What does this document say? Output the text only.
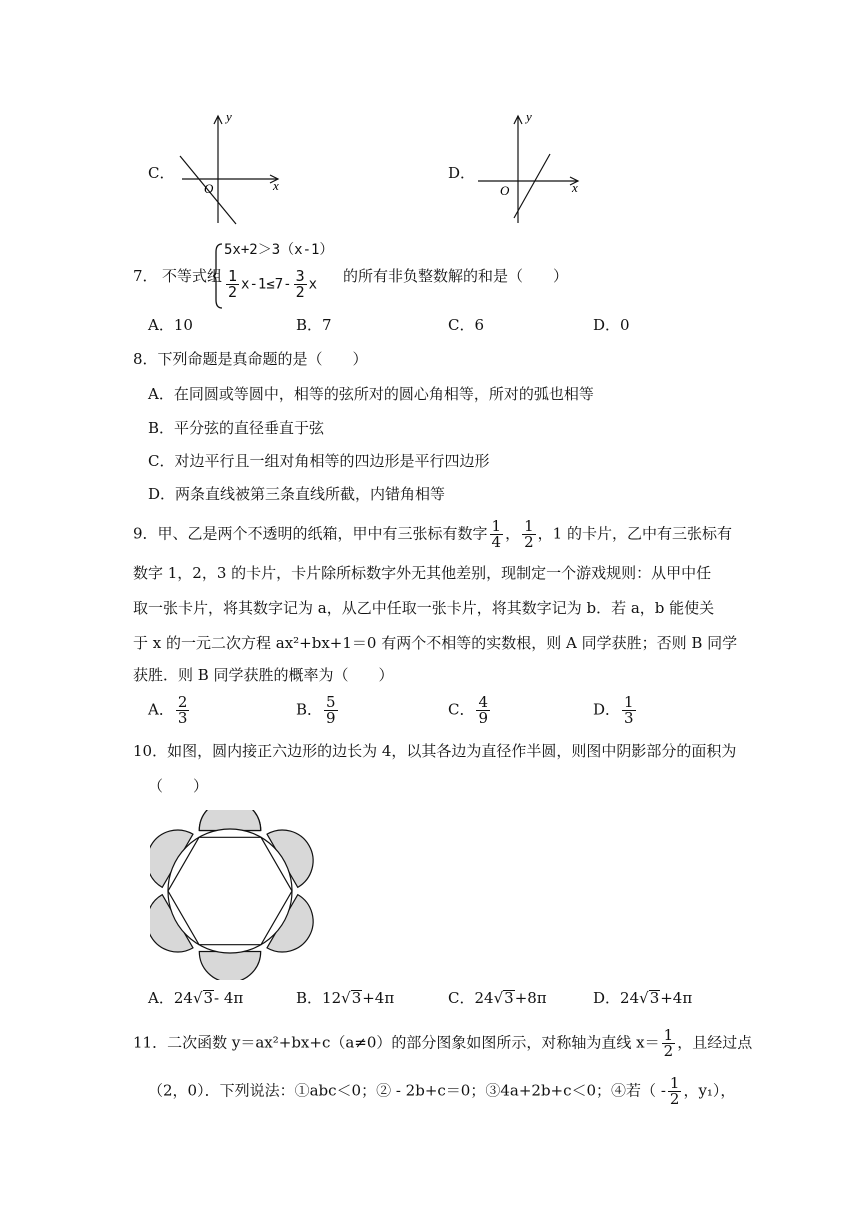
C．
y
x
O
D．
y
x
O
7． 不等式组
5x+2＞3（x-1）
$\frac{1}{2} x-1\le 7- \frac{3}{2}$ x 的所有非负整数解的和是（　　）
A．10	B．7	C．6	D．0
8．下列命题是真命题的是（　　）
A．在同圆或等圆中，相等的弦所对的圆心角相等，所对的弧也相等
B．平分弦的直径垂直于弦
C．对边平行且一组对角相等的四边形是平行四边形
D．两条直线被第三条直线所截，内错角相等
9．甲、乙是两个不透明的纸箱，甲中有三张标有数字 $\frac{1}{4}$ ， $\frac{1}{2}$ ，1 的卡片，乙中有三张标有
数字 1，2，3 的卡片，卡片除所标数字外无其他差别，现制定一个游戏规则：从甲中任
取一张卡片，将其数字记为 a，从乙中任取一张卡片，将其数字记为 b．若 a，b 能使关
于 x 的一元二次方程 ax²+bx+1＝0 有两个不相等的实数根，则 A 同学获胜；否则 B 同学
获胜．则 B 同学获胜的概率为（　　）
A． $\frac{2}{3}$	B． $\frac{5}{9}$	C． $\frac{4}{9}$	D． $\frac{1}{3}$
10．如图，圆内接正六边形的边长为 4，以其各边为直径作半圆，则图中阴影部分的面积为
（　　）
A．24√3- 4π	B．12√3+4π	C．24√3+8π	D．24√3+4π
11．二次函数 y＝ax²+bx+c（a≠0）的部分图象如图所示，对称轴为直线 $x= \frac{1}{2}$ ，且经过点
（2，0）．下列说法：①abc＜0；② - 2b+c＝0；③4a+2b+c＜0；④若（ - $\frac{1}{2}$ ，y₁），
